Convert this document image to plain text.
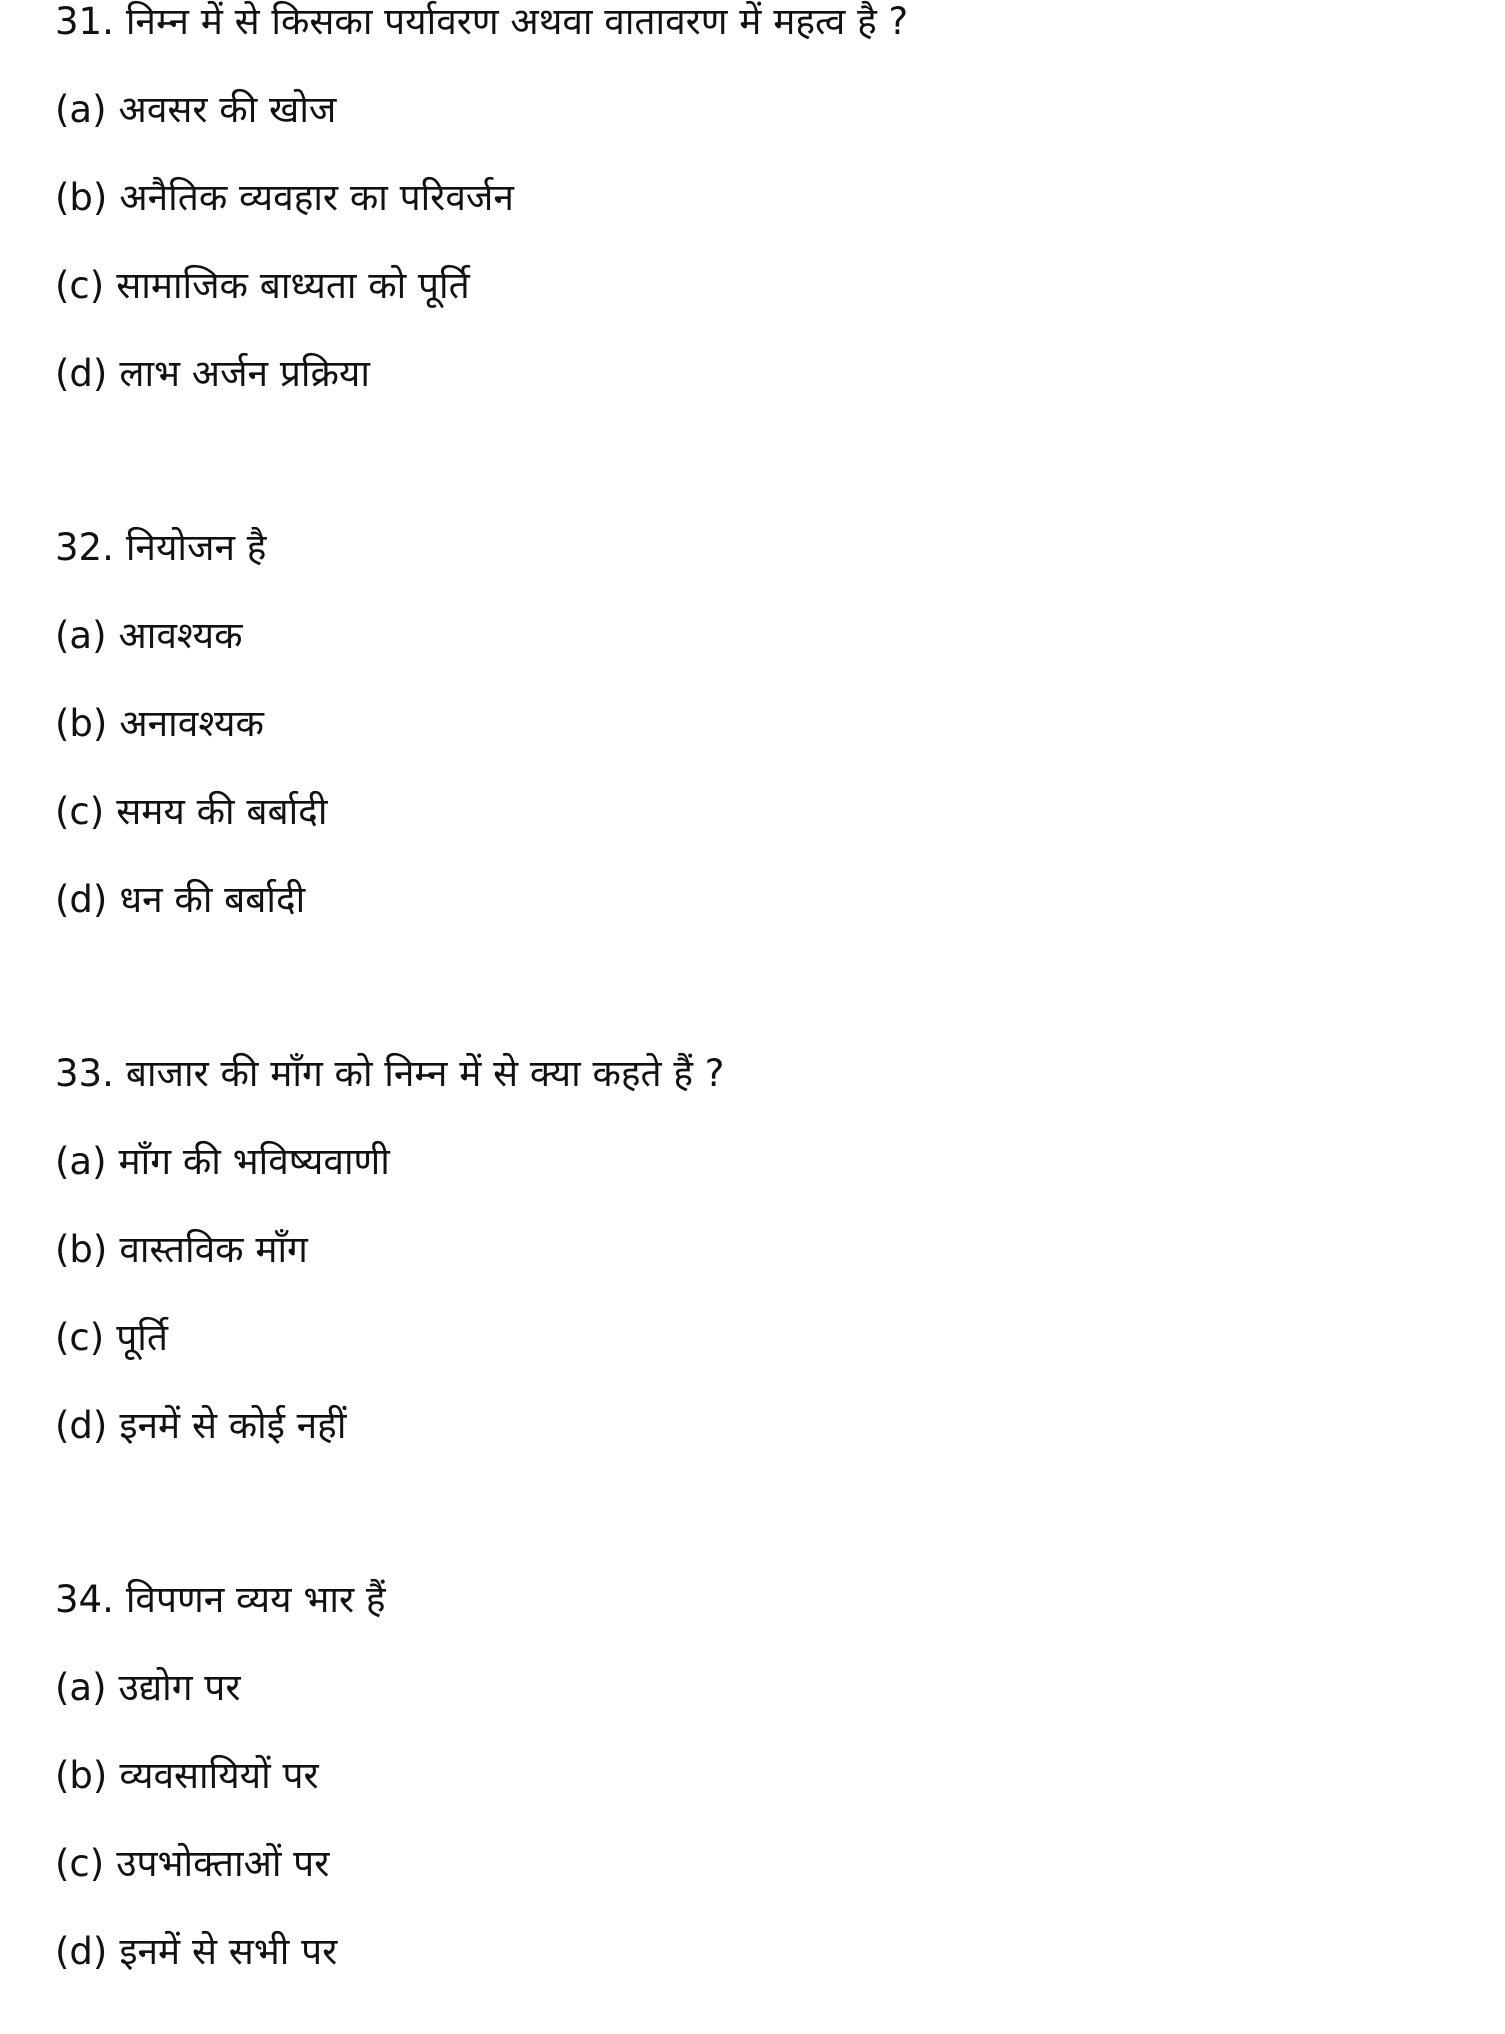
31. निम्न में से किसका पर्यावरण अथवा वातावरण में महत्व है ?

(a) अवसर की खोज

(b) अनैतिक व्यवहार का परिवर्जन

(c) सामाजिक बाध्यता को पूर्ति

(d) लाभ अर्जन प्रक्रिया

32. नियोजन है

(a) आवश्यक

(b) अनावश्यक

(c) समय की बर्बादी

(d) धन की बर्बादी

33. बाजार की माँग को निम्न में से क्या कहते हैं ?

(a) माँग की भविष्यवाणी

(b) वास्तविक माँग

(c) पूर्ति

(d) इनमें से कोई नहीं

34. विपणन व्यय भार हैं

(a) उद्योग पर

(b) व्यवसायियों पर

(c) उपभोक्ताओं पर

(d) इनमें से सभी पर
